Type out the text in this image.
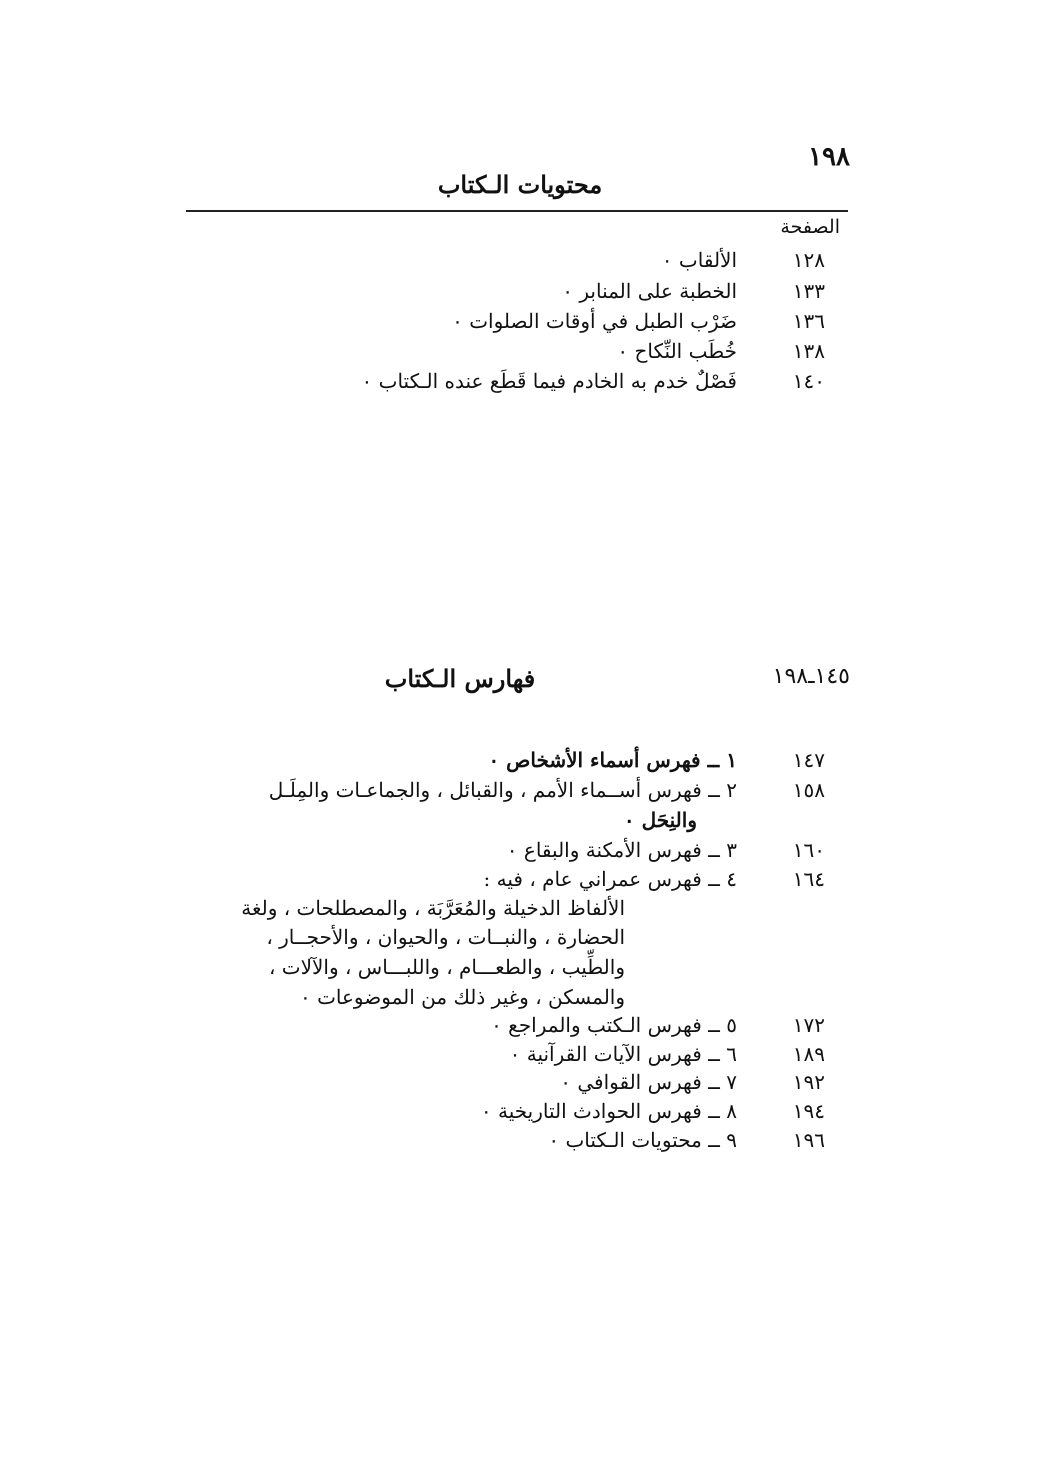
١٩٨
محتويات الـكتاب
الصفحة
١٢٨
الألقاب ٠
١٣٣
الخطبة على المنابر ٠
١٣٦
ضَرْب الطبل في أوقات الصلوات ٠
١٣٨
خُطَب النِّكاح ٠
١٤٠
فَصْلٌ خدم به الخادم فيما قَطَع عنده الـكتاب ٠
فهارس الـكتاب	١٤٥ـ١٩٨
١٤٧
١ ــ فهرس أسماء الأشخاص ٠
١٥٨
٢ ــ فهرس أســماء الأمم ، والقبائل ، والجماعـات والمِلَـل
والنِحَل ٠
١٦٠
٣ ــ فهرس الأمكنة والبقاع ٠
١٦٤
٤ ــ فهرس عمراني عام ، فيه :
الألفاظ الدخيلة والمُعَرَّبَة ، والمصطلحات ، ولغة
الحضارة ، والنبــات ، والحيوان ، والأحجــار ،
والطِّيب ، والطعـــام ، واللبـــاس ، والآلات ،
والمسكن ، وغير ذلك من الموضوعات ٠
١٧٢
٥ ــ فهرس الـكتب والمراجع ٠
١٨٩
٦ ــ فهرس الآيات القرآنية ٠
١٩٢
٧ ــ فهرس القوافي ٠
١٩٤
٨ ــ فهرس الحوادث التاريخية ٠
١٩٦
٩ ــ محتويات الـكتاب ٠
